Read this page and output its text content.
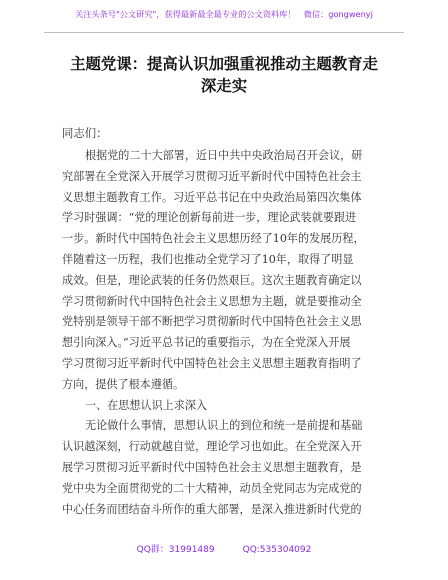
关注头条号"公文研究"，获得最新最全最专业的公文资料库！　微信：gongwenyj
主题党课：提高认识加强重视推动主题教育走
深走实
同志们：
根据党的二十大部署，近日中共中央政治局召开会议，研
究部署在全党深入开展学习贯彻习近平新时代中国特色社会主
义思想主题教育工作。习近平总书记在中央政治局第四次集体
学习时强调：“党的理论创新每前进一步，理论武装就要跟进
一步。新时代中国特色社会主义思想历经了10年的发展历程，
伴随着这一历程，我们也推动全党学习了10年，取得了明显
成效。但是，理论武装的任务仍然艰巨。这次主题教育确定以
学习贯彻新时代中国特色社会主义思想为主题，就是要推动全
党特别是领导干部不断把学习贯彻新时代中国特色社会主义思
想引向深入。”习近平总书记的重要指示，为在全党深入开展
学习贯彻习近平新时代中国特色社会主义思想主题教育指明了
方向，提供了根本遵循。
一、在思想认识上求深入
无论做什么事情，思想认识上的到位和统一是前提和基础
认识越深刻，行动就越自觉，理论学习也如此。在全党深入开
展学习贯彻习近平新时代中国特色社会主义思想主题教育，是
党中央为全面贯彻党的二十大精神，动员全党同志为完成党的
中心任务而团结奋斗所作的重大部署，是深入推进新时代党的
QQ群：31991489	QQ:535304092
